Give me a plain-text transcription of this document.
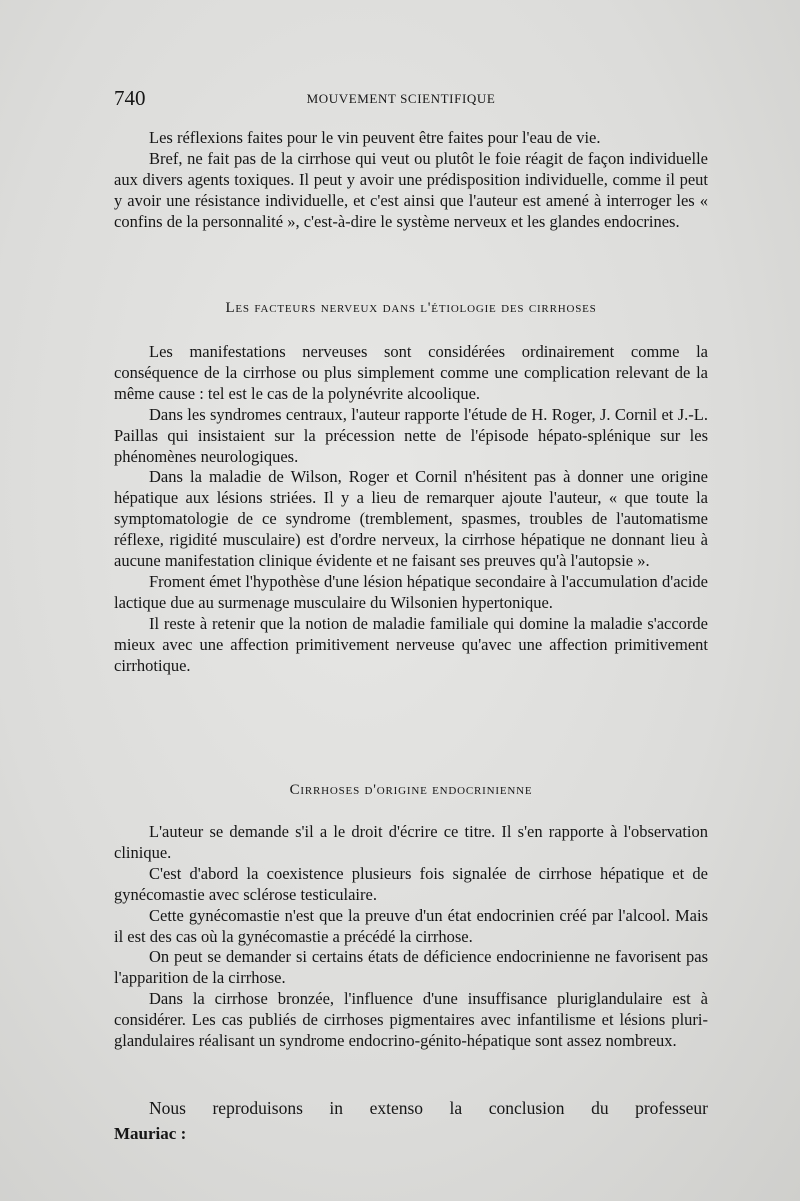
740	MOUVEMENT SCIENTIFIQUE

Les réflexions faites pour le vin peuvent être faites pour l'eau de vie.

Bref, ne fait pas de la cirrhose qui veut ou plutôt le foie réagit de façon individuelle aux divers agents toxiques. Il peut y avoir une prédisposition individuelle, comme il peut y avoir une résistance individuelle, et c'est ainsi que l'auteur est amené à interroger les « confins de la personnalité », c'est-à-dire le système nerveux et les glandes endocrines.

Les facteurs nerveux dans l'étiologie des cirrhoses

Les manifestations nerveuses sont considérées ordinairement comme la conséquence de la cirrhose ou plus simplement comme une complication relevant de la même cause : tel est le cas de la polynévrite alcoolique.

Dans les syndromes centraux, l'auteur rapporte l'étude de H. Roger, J. Cornil et J.-L. Paillas qui insistaient sur la précession nette de l'épisode hépato-splénique sur les phénomènes neurologiques.

Dans la maladie de Wilson, Roger et Cornil n'hésitent pas à donner une origine hépatique aux lésions striées. Il y a lieu de remarquer ajoute l'auteur, « que toute la symptomatologie de ce syndrome (tremblement, spasmes, troubles de l'automatisme réflexe, rigidité musculaire) est d'ordre nerveux, la cirrhose hépatique ne donnant lieu à aucune manifestation clinique évidente et ne faisant ses preuves qu'à l'autopsie ».

Froment émet l'hypothèse d'une lésion hépatique secondaire à l'accumulation d'acide lactique due au surmenage musculaire du Wilsonien hypertonique.

Il reste à retenir que la notion de maladie familiale qui domine la maladie s'accorde mieux avec une affection primitivement nerveuse qu'avec une affection primitivement cirrhotique.

Cirrhoses d'origine endocrinienne

L'auteur se demande s'il a le droit d'écrire ce titre. Il s'en rapporte à l'observation clinique.

C'est d'abord la coexistence plusieurs fois signalée de cirrhose hépatique et de gynécomastie avec sclérose testiculaire.

Cette gynécomastie n'est que la preuve d'un état endocrinien créé par l'alcool. Mais il est des cas où la gynécomastie a précédé la cirrhose.

On peut se demander si certains états de déficience endocrinienne ne favorisent pas l'apparition de la cirrhose.

Dans la cirrhose bronzée, l'influence d'une insuffisance pluriglandulaire est à considérer. Les cas publiés de cirrhoses pigmentaires avec infantilisme et lésions pluri-glandulaires réalisant un syndrome endocrino-génito-hépatique sont assez nombreux.

Nous reproduisons in extenso la conclusion du professeur
Mauriac :
